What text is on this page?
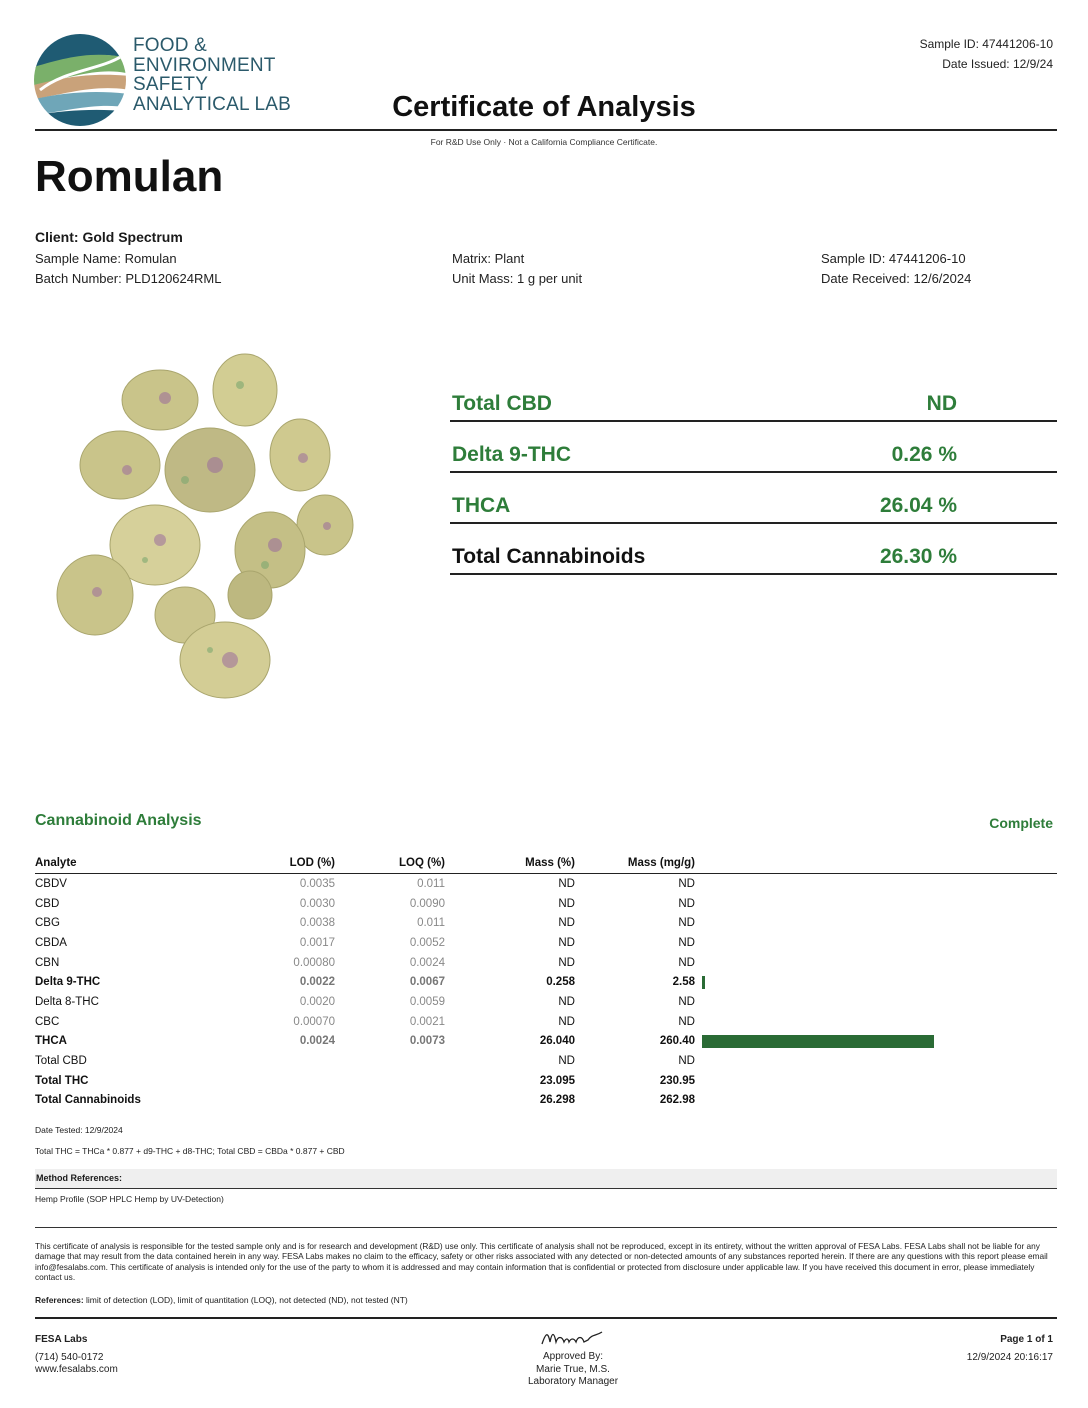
FOOD &
ENVIRONMENT
SAFETY
ANALYTICAL LAB
Sample ID: 47441206-10
Date Issued: 12/9/24
Certificate of Analysis
For R&D Use Only · Not a California Compliance Certificate.
Romulan
Client: Gold Spectrum
Sample Name: Romulan
Batch Number: PLD120624RML
Matrix: Plant
Unit Mass: 1 g per unit
Sample ID: 47441206-10
Date Received: 12/6/2024
Total CBD	ND
Delta 9-THC	0.26 %
THCA	26.04 %
Total Cannabinoids	26.30 %
Cannabinoid Analysis	Complete
Analyte	LOD (%)	LOQ (%)	Mass (%)	Mass (mg/g)	
CBDV	0.0035	0.011	ND	ND	
CBD	0.0030	0.0090	ND	ND	
CBG	0.0038	0.011	ND	ND	
CBDA	0.0017	0.0052	ND	ND	
CBN	0.00080	0.0024	ND	ND	
Delta 9-THC	0.0022	0.0067	0.258	2.58	

Delta 8-THC	0.0020	0.0059	ND	ND	
CBC	0.00070	0.0021	ND	ND	
THCA	0.0024	0.0073	26.040	260.40	

Total CBD			ND	ND	
Total THC			23.095	230.95	
Total Cannabinoids			26.298	262.98	
Date Tested: 12/9/2024
Total THC = THCa * 0.877 + d9-THC + d8-THC; Total CBD = CBDa * 0.877 + CBD
Method References:
Hemp Profile (SOP HPLC Hemp by UV-Detection)
This certificate of analysis is responsible for the tested sample only and is for research and development (R&D) use only. This certificate of analysis shall not be reproduced, except in its entirety, without the written approval of FESA Labs. FESA Labs shall not be liable for any damage that may result from the data contained herein in any way. FESA Labs makes no claim to the efficacy, safety or other risks associated with any detected or non-detected amounts of any substances reported herein. If there are any questions with this report please email info@fesalabs.com. This certificate of analysis is intended only for the use of the party to whom it is addressed and may contain information that is confidential or protected from disclosure under applicable law. If you have received this document in error, please immediately contact us.
References: limit of detection (LOD), limit of quantitation (LOQ), not detected (ND), not tested (NT)
FESA Labs
(714) 540-0172
www.fesalabs.com
Approved By:
Marie True, M.S.
Laboratory Manager
Page 1 of 1
12/9/2024 20:16:17
